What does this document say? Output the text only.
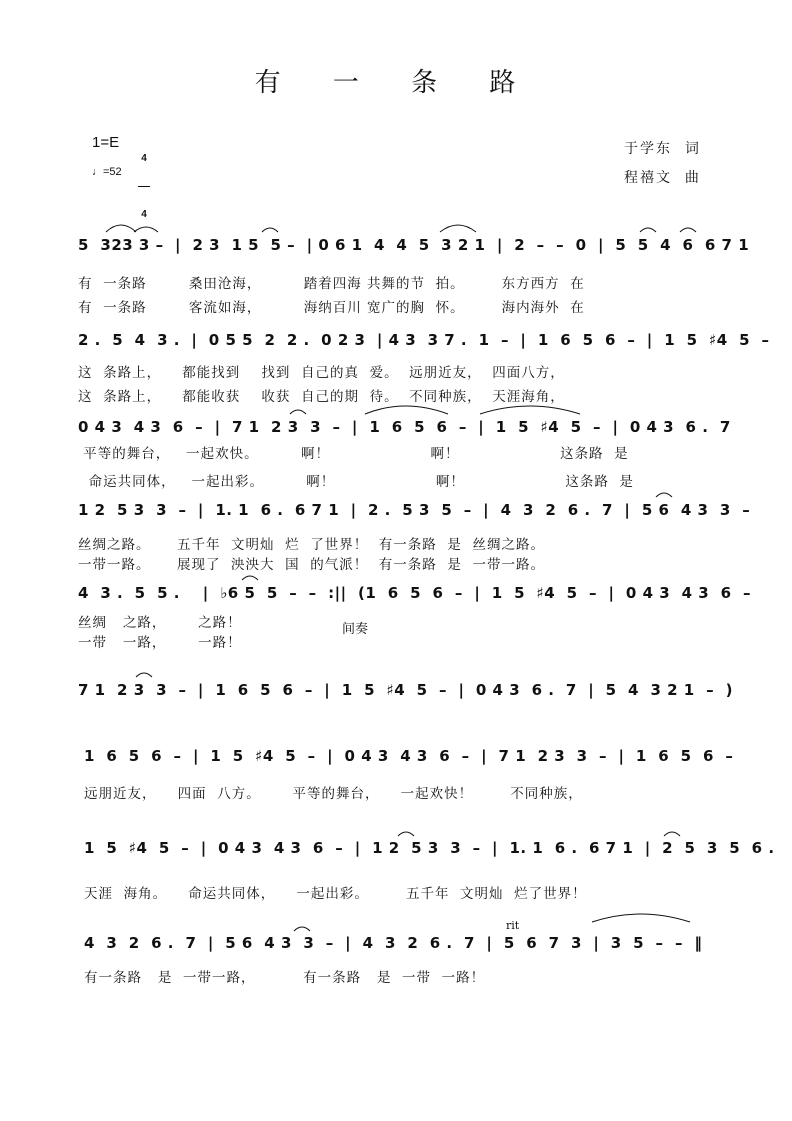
有 一 条 路
1=E

4

4

♩=52
于学东  词
程禧文  曲
5  323 3 –  |  2 3  1 5  5 –  | 0 6 1  4  4  5  3 2 1  |  2  –  –  0  |  5  5  4  6  6 7 1
有  一条路        桑田沧海，        踏着四海 共舞的节  拍。       东方西方  在
有  一条路        客流如海，        海纳百川 宽广的胸  怀。       海内海外  在
2 .  5  4  3 .  |  0 5 5  2  2 .  0 2 3  | 4 3  3 7 .  1  –  |  1  6  5  6  –  |  1  5  ♯4  5  –
这  条路上，    都能找到    找到  自己的真  爱。  远朋近友，  四面八方，
这  条路上，    都能收获    收获  自己的期  待。  不同种族，  天涯海角，
0 4 3  4 3  6  –  |  7 1  2 3  3  –  |  1  6  5  6  –  |  1  5  ♯4  5  –  |  0 4 3  6 .  7
平等的舞台，   一起欢快。        啊！                   啊！                   这条路  是
命运共同体，   一起出彩。        啊！                   啊！                   这条路  是
1 2  5 3  3  –  |  1. 1  6 .  6 7 1  |  2 .  5 3  5  –  |  4  3  2  6 .  7  |  5 6  4 3  3  –
丝绸之路。     五千年  文明灿  烂  了世界！  有一条路  是  丝绸之路。
一带一路。     展现了  泱泱大  国  的气派！  有一条路  是  一带一路。
4  3 .  5  5 .    |  ♭6 5  5  –  –  :||  (1  6  5  6  –  |  1  5  ♯4  5  –  |  0 4 3  4 3  6  –
丝绸   之路，      之路！
一带   一路，      一路！
间奏
7 1  2 3  3  –  |  1  6  5  6  –  |  1  5  ♯4  5  –  |  0 4 3  6 .  7  |  5  4  3 2 1  –  )
1  6  5  6  –  |  1  5  ♯4  5  –  |  0 4 3  4 3  6  –  |  7 1  2 3  3  –  |  1  6  5  6  –
远朋近友，    四面  八方。      平等的舞台，    一起欢快！       不同种族，
1  5  ♯4  5  –  |  0 4 3  4 3  6  –  |  1 2  5 3  3  –  |  1. 1  6 .  6 7 1  |  2  5  3  5  6 .
天涯  海角。    命运共同体，    一起出彩。       五千年  文明灿  烂了世界！
rit
4  3  2  6 .  7  |  5 6  4 3  3  –  |  4  3  2  6 .  7  |  5  6  7  3  |  3  5  –  –  ‖
有一条路   是  一带一路，         有一条路   是  一带  一路！
